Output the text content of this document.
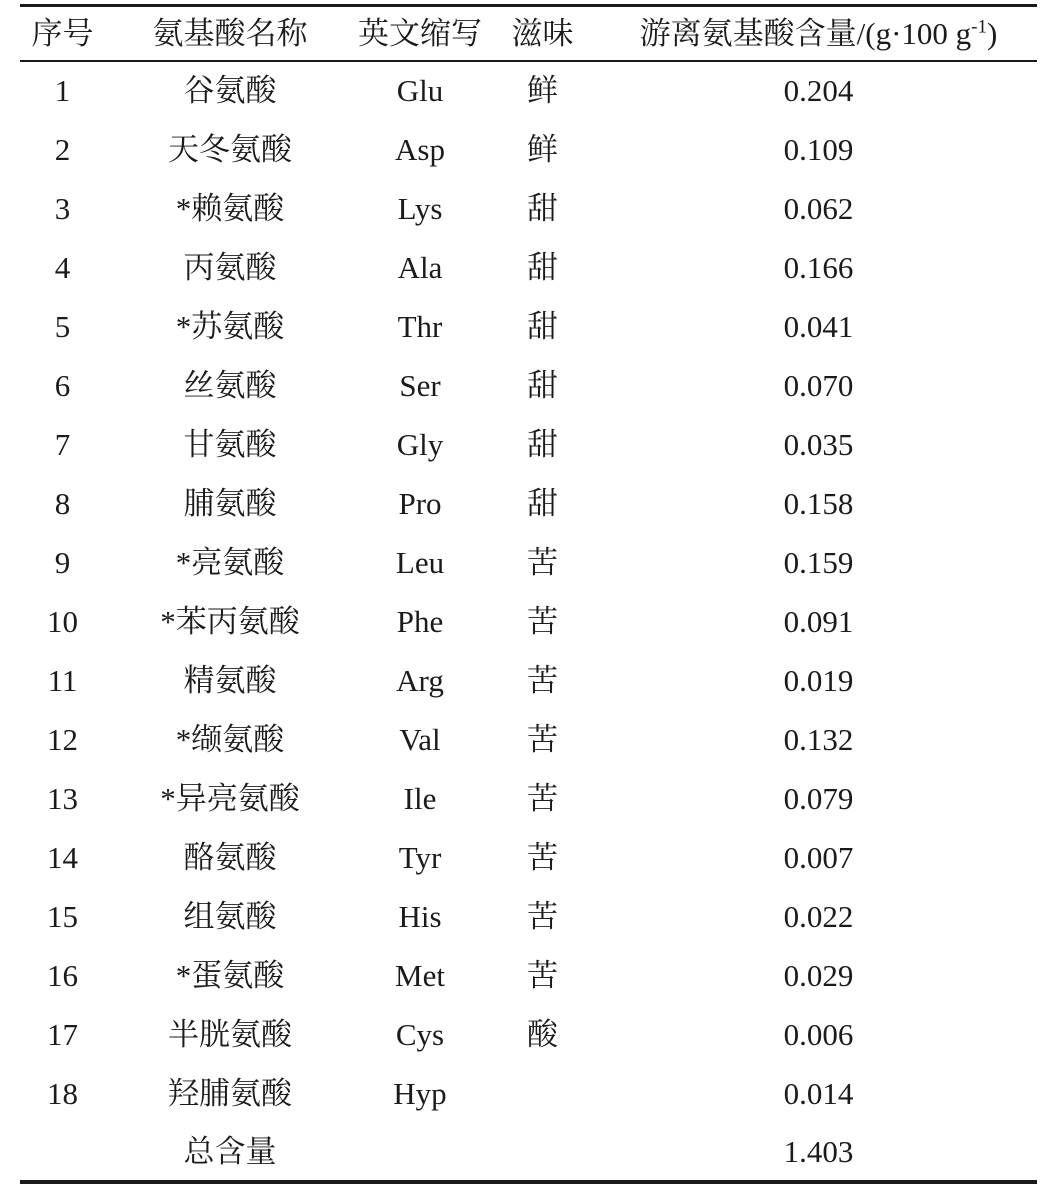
序号	氨基酸名称	英文缩写	滋味	游离氨基酸含量/(g·100 $g^{-1}$)
1	谷氨酸	Glu	鲜	0.204
2	天冬氨酸	Asp	鲜	0.109
3	*赖氨酸	Lys	甜	0.062
4	丙氨酸	Ala	甜	0.166
5	*苏氨酸	Thr	甜	0.041
6	丝氨酸	Ser	甜	0.070
7	甘氨酸	Gly	甜	0.035
8	脯氨酸	Pro	甜	0.158
9	*亮氨酸	Leu	苦	0.159
10	*苯丙氨酸	Phe	苦	0.091
11	精氨酸	Arg	苦	0.019
12	*缬氨酸	Val	苦	0.132
13	*异亮氨酸	Ile	苦	0.079
14	酪氨酸	Tyr	苦	0.007
15	组氨酸	His	苦	0.022
16	*蛋氨酸	Met	苦	0.029
17	半胱氨酸	Cys	酸	0.006
18	羟脯氨酸	Hyp		0.014
	总含量			1.403
